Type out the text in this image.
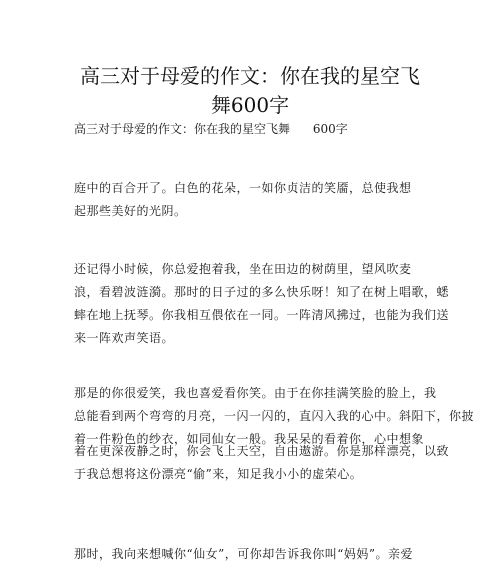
高三对于母爱的作文：你在我的星空飞
舞600字

高三对于母爱的作文：你在我的星空飞舞      600字

庭中的百合开了。白色的花朵，一如你贞洁的笑靥，总使我想
起那些美好的光阴。
还记得小时候，你总爱抱着我，坐在田边的树荫里，望风吹麦
浪，看碧波涟漪。那时的日子过的多么快乐呀！知了在树上唱歌，蟋
蟀在地上抚琴。你我相互偎依在一同。一阵清风拂过，也能为我们送
来一阵欢声笑语。
那是的你很爱笑，我也喜爱看你笑。由于在你挂满笑脸的脸上，我
总能看到两个弯弯的月亮，一闪一闪的，直闪入我的心中。斜阳下，你披
着一件粉色的纱衣，如同仙女一般。我呆呆的看着你，心中想象
着在更深夜静之时，你会飞上天空，自由遨游。你是那样漂亮，以致
于我总想将这份漂亮“偷”来，知足我小小的虚荣心。
那时，我向来想喊你“仙女”，可你却告诉我你叫“妈妈”。亲爱
